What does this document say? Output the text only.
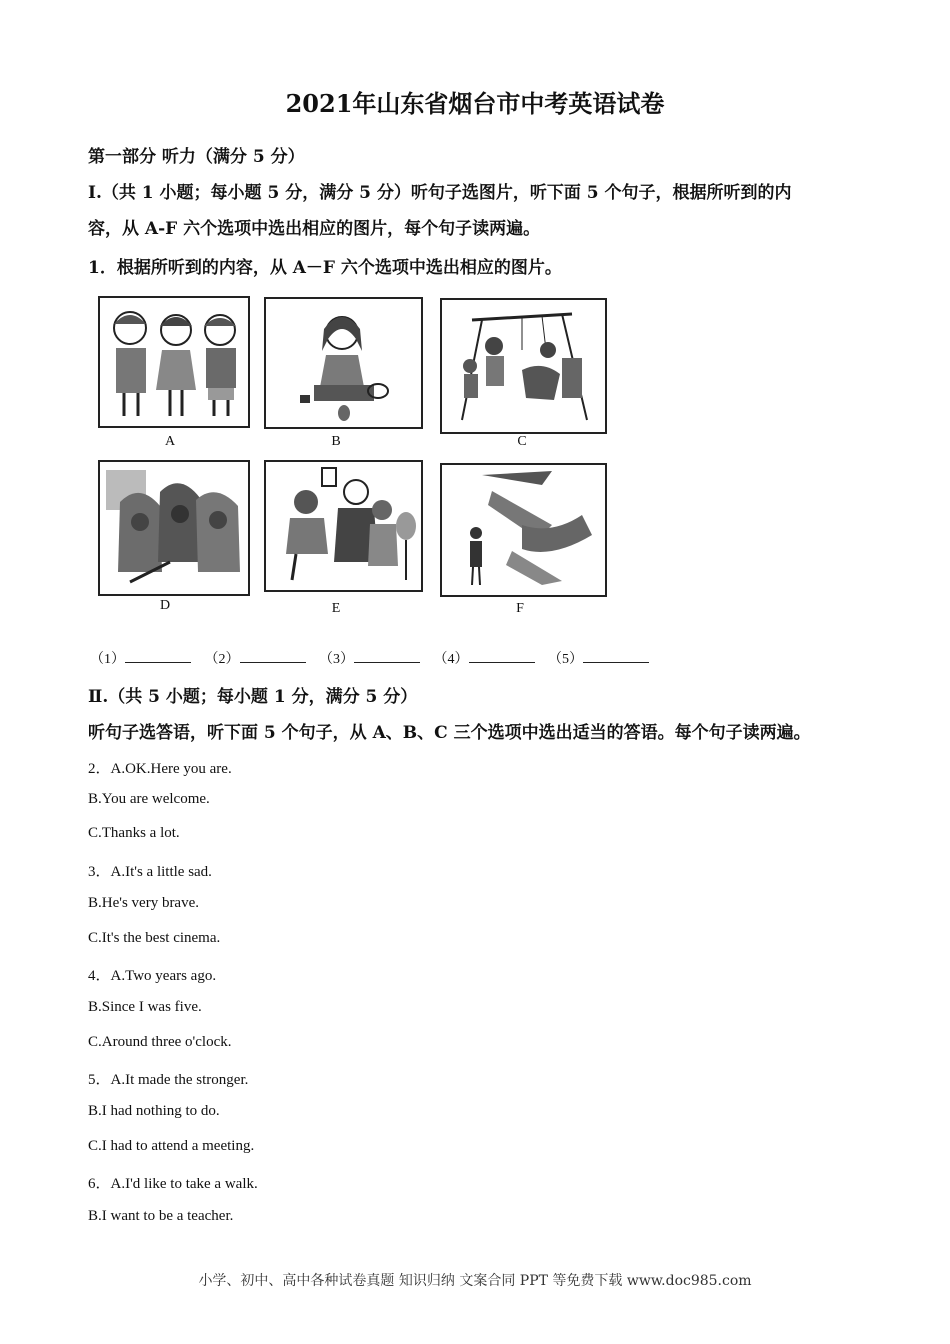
2021年山东省烟台市中考英语试卷
第一部分 听力（满分 5 分）
Ⅰ.（共 1 小题；每小题 5 分，满分 5 分）听句子选图片，听下面 5 个句子，根据所听到的内
容，从 A-F 六个选项中选出相应的图片，每个句子读两遍。
1．根据所听到的内容，从 A－F 六个选项中选出相应的图片。
A	B	C
D	E	F
（1）	（2）	（3）	（4）	（5）
Ⅱ.（共 5 小题；每小题 1 分，满分 5 分）
听句子选答语，听下面 5 个句子，从 A、B、C 三个选项中选出适当的答语。每个句子读两遍。
2．A.OK.Here you are.
B.You are welcome.
C.Thanks a lot.
3．A.It's a little sad.
B.He's very brave.
C.It's the best cinema.
4．A.Two years ago.
B.Since I was five.
C.Around three o'clock.
5．A.It made the stronger.
B.I had nothing to do.
C.I had to attend a meeting.
6．A.I'd like to take a walk.
B.I want to be a teacher.
小学、初中、高中各种试卷真题 知识归纳 文案合同 PPT 等免费下载 www.doc985.com
